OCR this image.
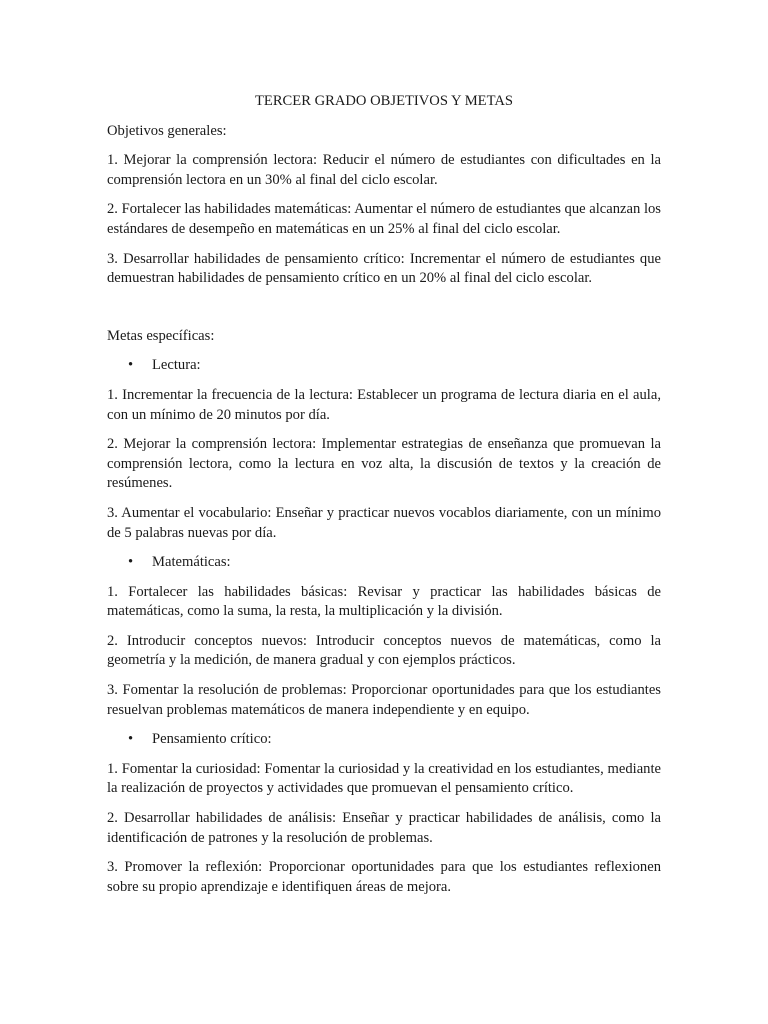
TERCER GRADO OBJETIVOS Y METAS

Objetivos generales:

1. Mejorar la comprensión lectora: Reducir el número de estudiantes con dificultades en la comprensión lectora en un 30% al final del ciclo escolar.

2. Fortalecer las habilidades matemáticas: Aumentar el número de estudiantes que alcanzan los estándares de desempeño en matemáticas en un 25% al final del ciclo escolar.

3. Desarrollar habilidades de pensamiento crítico: Incrementar el número de estudiantes que demuestran habilidades de pensamiento crítico en un 20% al final del ciclo escolar.

Metas específicas:

• Lectura:

1. Incrementar la frecuencia de la lectura: Establecer un programa de lectura diaria en el aula, con un mínimo de 20 minutos por día.

2. Mejorar la comprensión lectora: Implementar estrategias de enseñanza que promuevan la comprensión lectora, como la lectura en voz alta, la discusión de textos y la creación de resúmenes.

3. Aumentar el vocabulario: Enseñar y practicar nuevos vocablos diariamente, con un mínimo de 5 palabras nuevas por día.

• Matemáticas:

1. Fortalecer las habilidades básicas: Revisar y practicar las habilidades básicas de matemáticas, como la suma, la resta, la multiplicación y la división.

2. Introducir conceptos nuevos: Introducir conceptos nuevos de matemáticas, como la geometría y la medición, de manera gradual y con ejemplos prácticos.

3. Fomentar la resolución de problemas: Proporcionar oportunidades para que los estudiantes resuelvan problemas matemáticos de manera independiente y en equipo.

• Pensamiento crítico:

1. Fomentar la curiosidad: Fomentar la curiosidad y la creatividad en los estudiantes, mediante la realización de proyectos y actividades que promuevan el pensamiento crítico.

2. Desarrollar habilidades de análisis: Enseñar y practicar habilidades de análisis, como la identificación de patrones y la resolución de problemas.

3. Promover la reflexión: Proporcionar oportunidades para que los estudiantes reflexionen sobre su propio aprendizaje e identifiquen áreas de mejora.
